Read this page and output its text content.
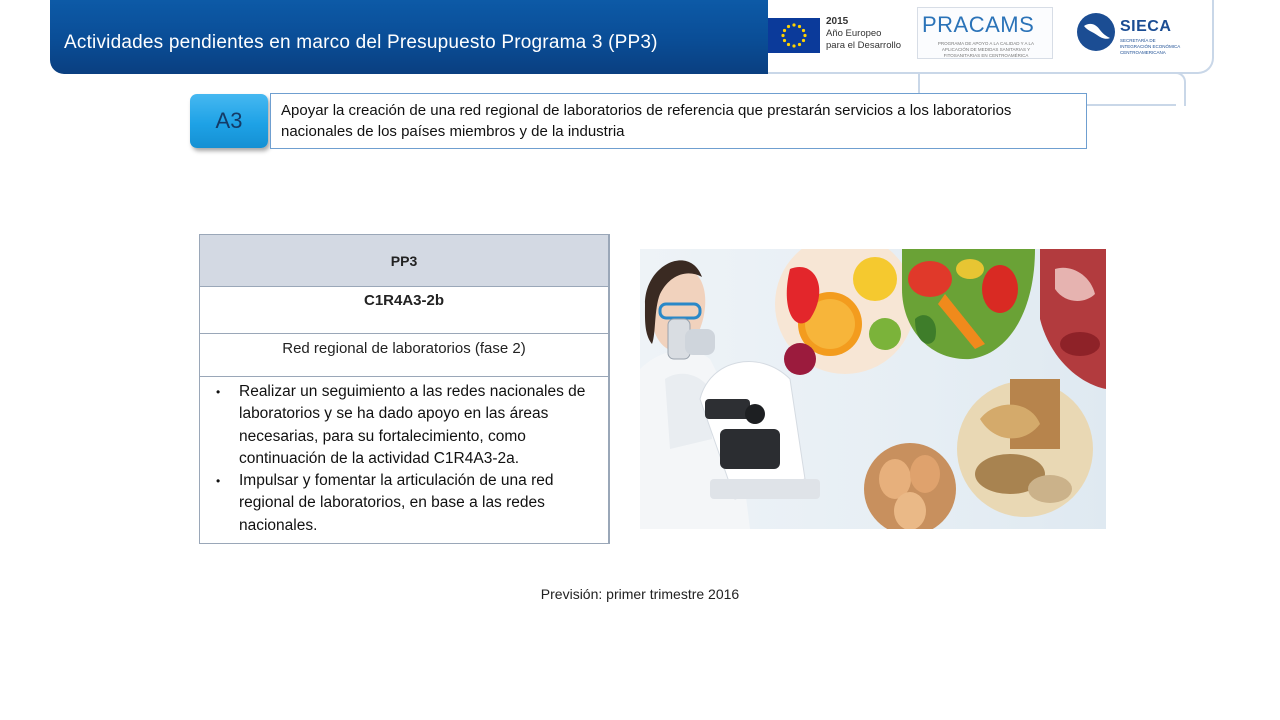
Actividades pendientes en marco del Presupuesto Programa 3 (PP3)
2015
Año Europeo
para el Desarrollo
PRACAMS
PROGRAMA DE APOYO A LA CALIDAD Y A LA APLICACIÓN DE MEDIDAS SANITARIAS Y FITOSANITARIAS EN CENTROAMÉRICA
SIECA
SECRETARÍA DE INTEGRACIÓN ECONÓMICA CENTROAMERICANA
A3	Apoyar la creación de una red regional de laboratorios de referencia que prestarán servicios a los laboratorios nacionales de los países miembros y de la industria
PP3
C1R4A3-2b
Red regional de laboratorios (fase 2)
• Realizar un seguimiento a las redes nacionales de laboratorios y se ha dado apoyo en las áreas necesarias, para su fortalecimiento, como continuación de la actividad C1R4A3-2a.
• Impulsar y fomentar la articulación de una red regional de laboratorios, en base a las redes nacionales.
Previsión: primer trimestre 2016
